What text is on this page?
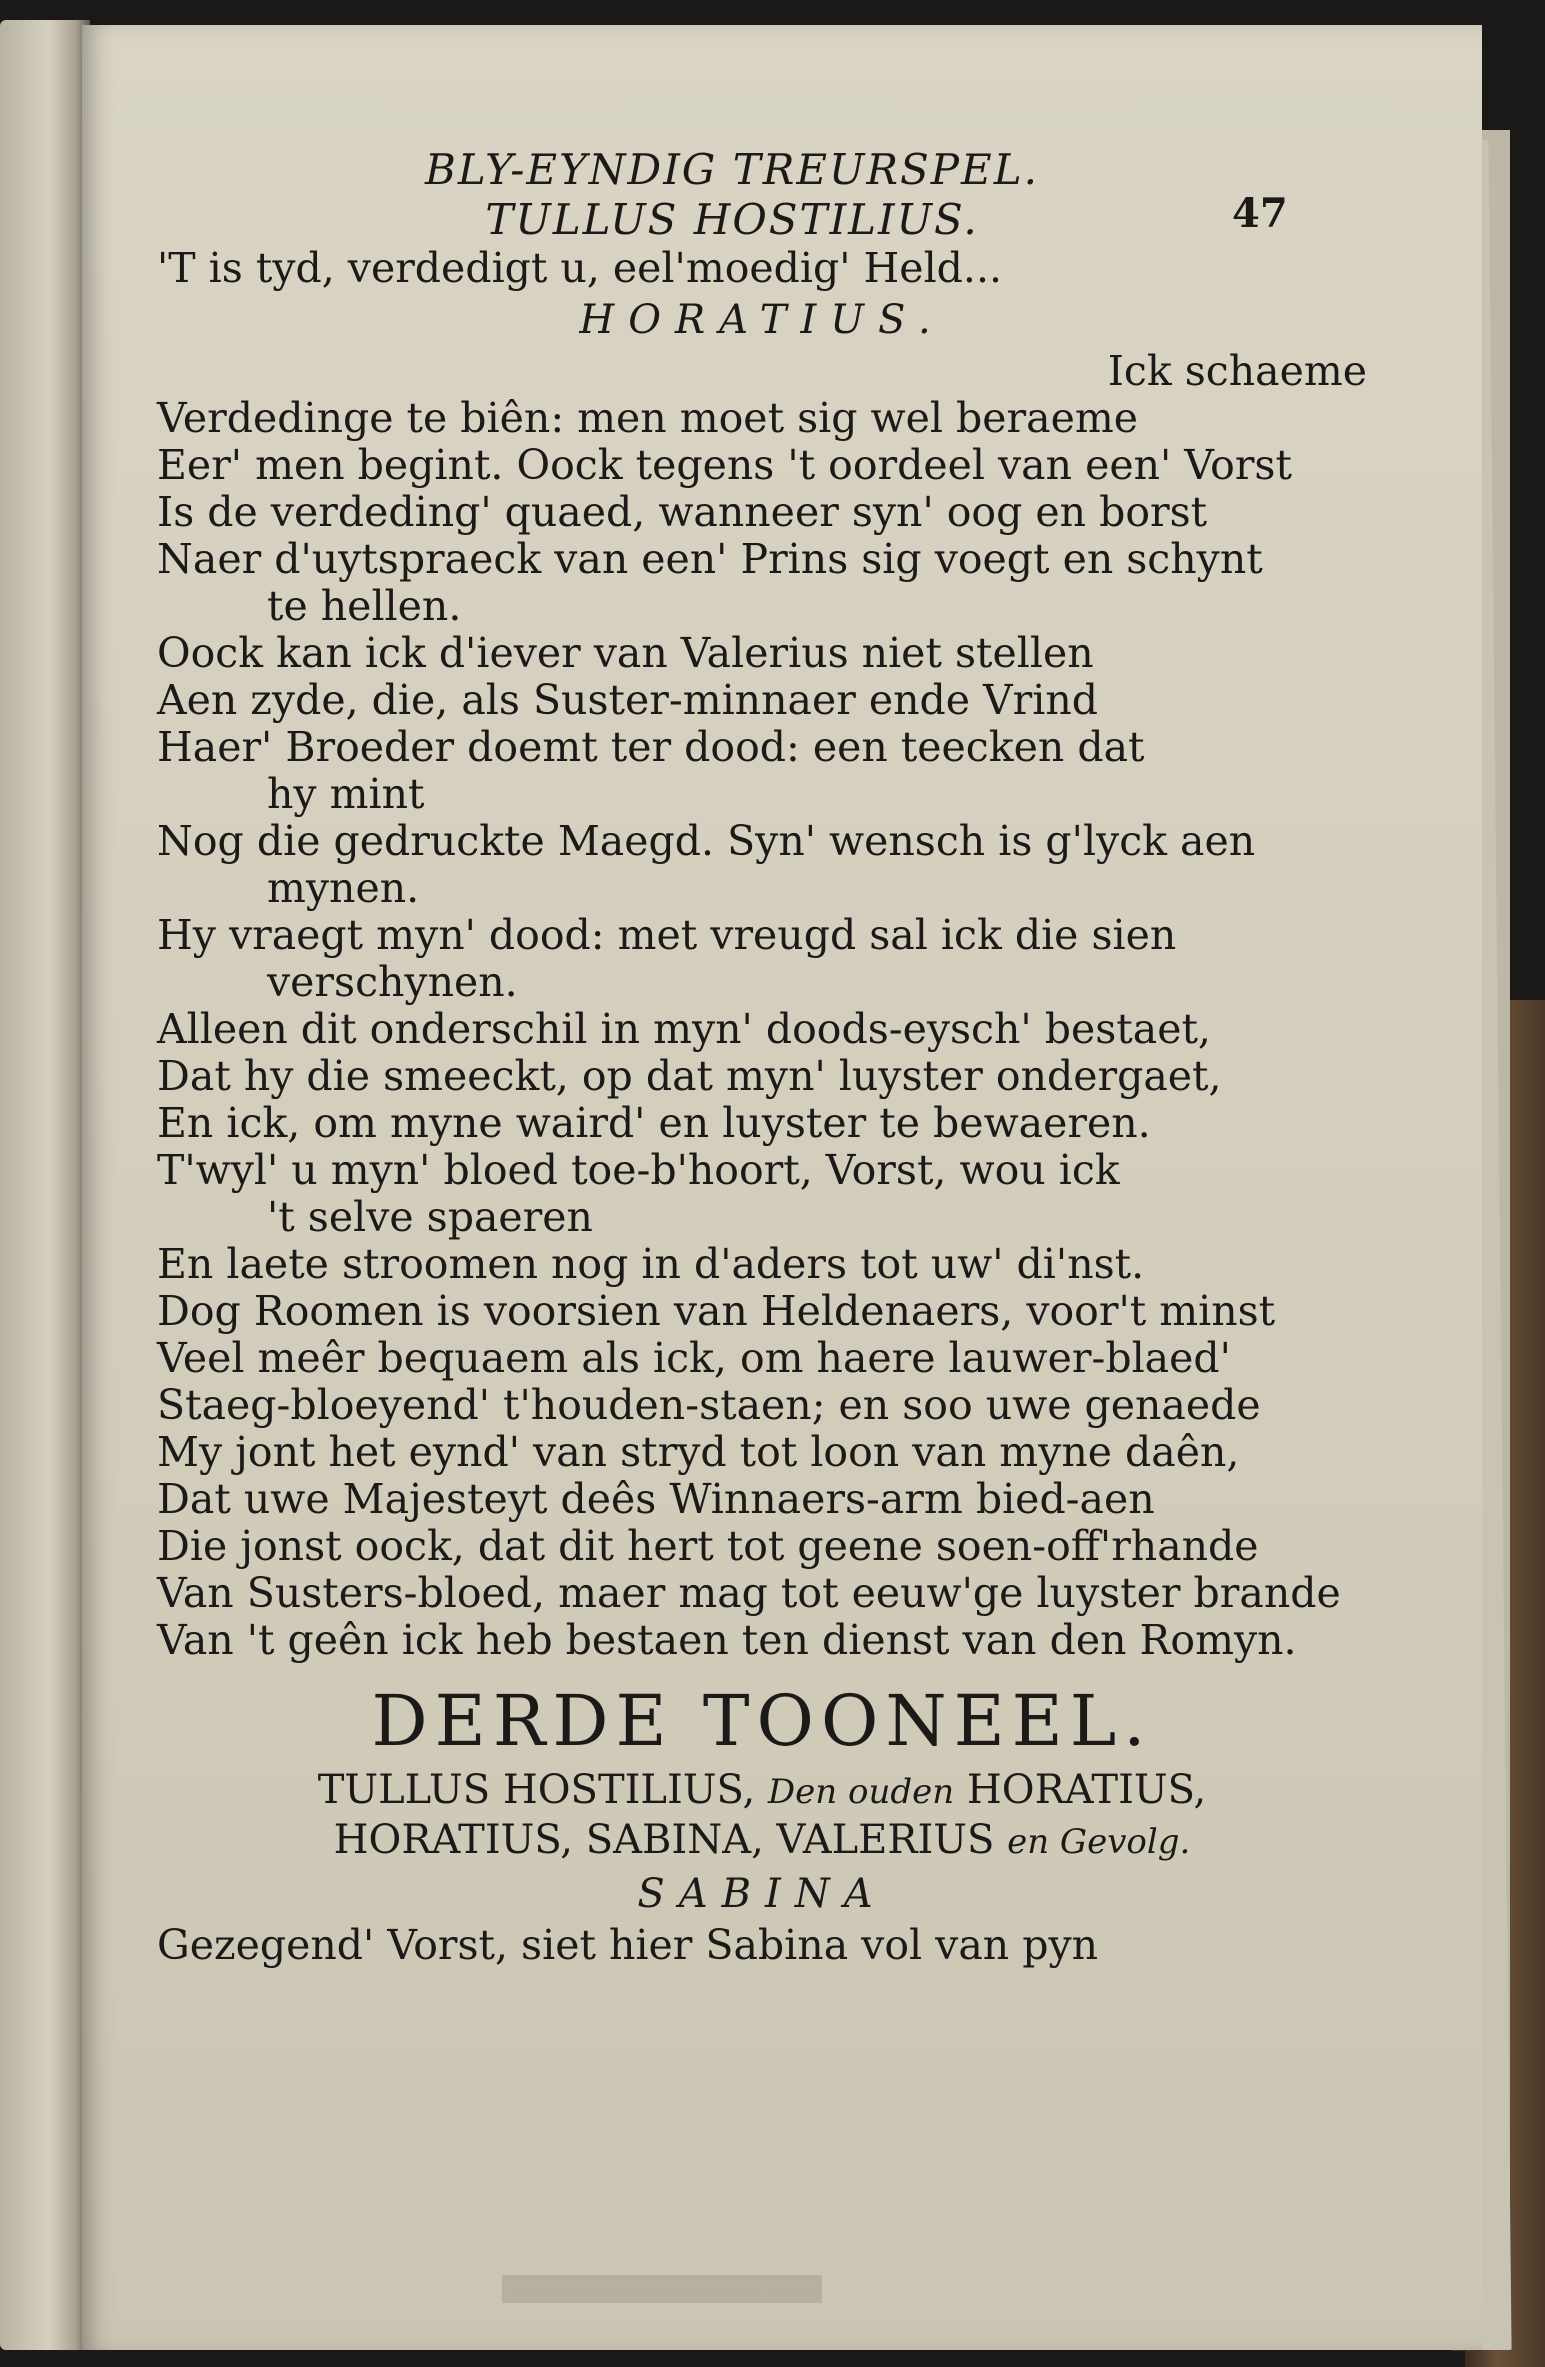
47
BLY-EYNDIG TREURSPEL.
TULLUS HOSTILIUS.
'T is tyd, verdedigt u, eel'moedig' Held...
HORATIUS.
Ick schaeme
Verdedinge te biên: men moet sig wel beraeme
Eer' men begint. Oock tegens 't oordeel van een' Vorst
Is de verdeding' quaed, wanneer syn' oog en borst
Naer d'uytspraeck van een' Prins sig voegt en schynt
te hellen.
Oock kan ick d'iever van Valerius niet stellen
Aen zyde, die, als Suster-minnaer ende Vrind
Haer' Broeder doemt ter dood: een teecken dat
hy mint
Nog die gedruckte Maegd. Syn' wensch is g'lyck aen
mynen.
Hy vraegt myn' dood: met vreugd sal ick die sien
verschynen.
Alleen dit onderschil in myn' doods-eysch' bestaet,
Dat hy die smeeckt, op dat myn' luyster ondergaet,
En ick, om myne waird' en luyster te bewaeren.
T'wyl' u myn' bloed toe-b'hoort, Vorst, wou ick
't selve spaeren
En laete stroomen nog in d'aders tot uw' di'nst.
Dog Roomen is voorsien van Heldenaers, voor't minst
Veel meêr bequaem als ick, om haere lauwer-blaed'
Staeg-bloeyend' t'houden-staen; en soo uwe genaede
My jont het eynd' van stryd tot loon van myne daên,
Dat uwe Majesteyt deês Winnaers-arm bied-aen
Die jonst oock, dat dit hert tot geene soen-off'rhande
Van Susters-bloed, maer mag tot eeuw'ge luyster brande
Van 't geên ick heb bestaen ten dienst van den Romyn.
DERDE TOONEEL.
TULLUS HOSTILIUS, Den ouden HORATIUS,
HORATIUS, SABINA, VALERIUS en Gevolg.
SABINA
Gezegend' Vorst, siet hier Sabina vol van pyn
